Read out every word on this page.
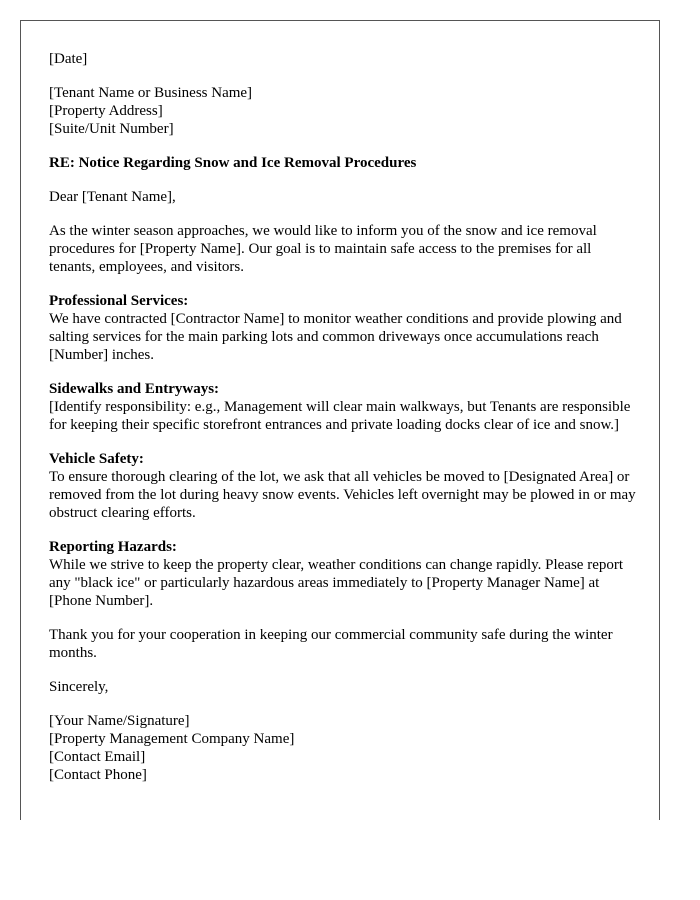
[Date]
[Tenant Name or Business Name]
[Property Address]
[Suite/Unit Number]
RE: Notice Regarding Snow and Ice Removal Procedures
Dear [Tenant Name],

As the winter season approaches, we would like to inform you of the snow and ice removal procedures for [Property Name]. Our goal is to maintain safe access to the premises for all tenants, employees, and visitors.

Professional Services:
We have contracted [Contractor Name] to monitor weather conditions and provide plowing and salting services for the main parking lots and common driveways once accumulations reach [Number] inches.
Sidewalks and Entryways:
[Identify responsibility: e.g., Management will clear main walkways, but Tenants are responsible for keeping their specific storefront entrances and private loading docks clear of ice and snow.]
Vehicle Safety:
To ensure thorough clearing of the lot, we ask that all vehicles be moved to [Designated Area] or removed from the lot during heavy snow events. Vehicles left overnight may be plowed in or may obstruct clearing efforts.
Reporting Hazards:
While we strive to keep the property clear, weather conditions can change rapidly. Please report any "black ice" or particularly hazardous areas immediately to [Property Manager Name] at [Phone Number].

Thank you for your cooperation in keeping our commercial community safe during the winter months.

Sincerely,
[Your Name/Signature]
[Property Management Company Name]
[Contact Email]
[Contact Phone]
